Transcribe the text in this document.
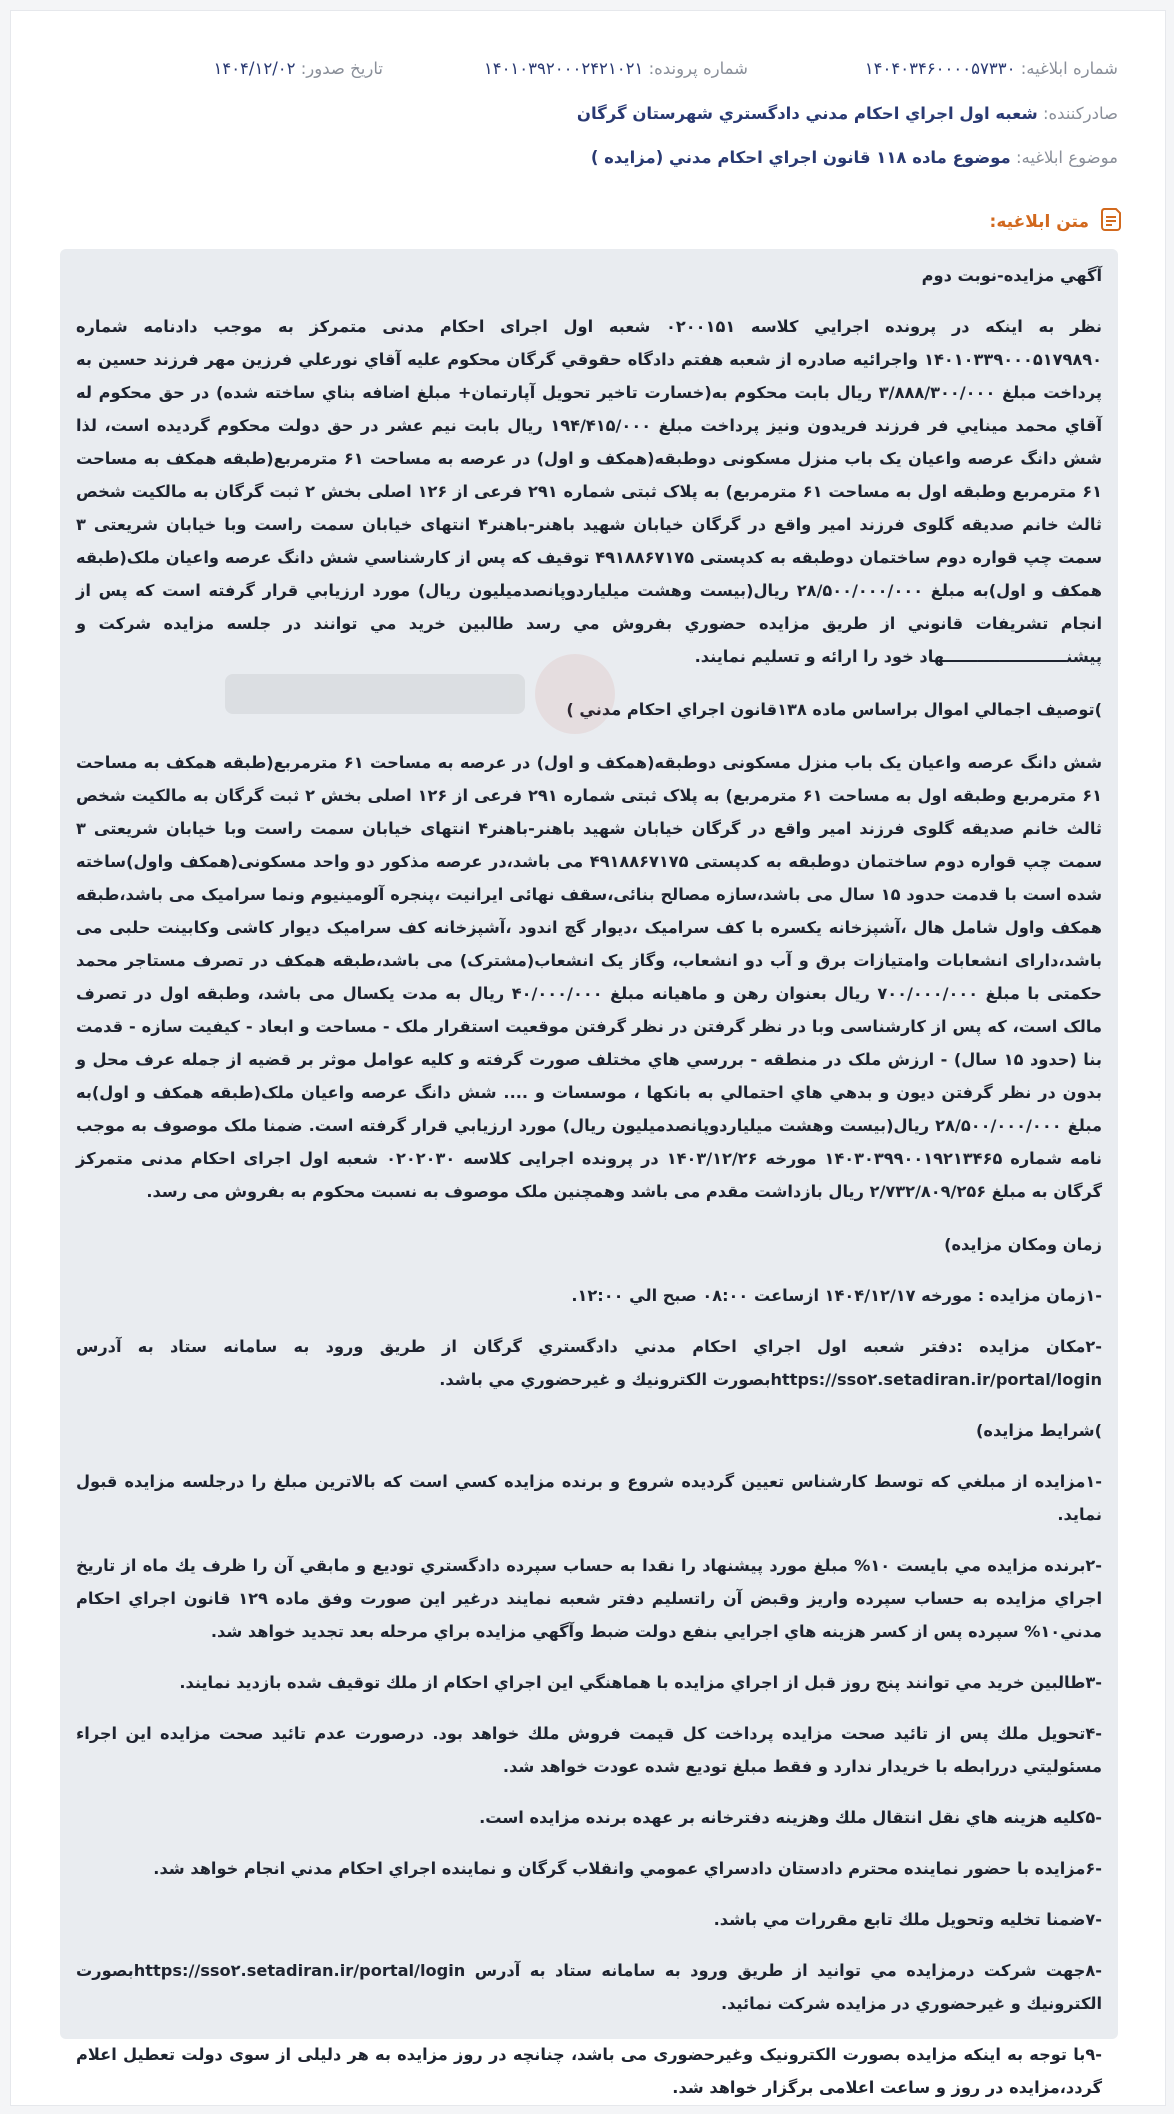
شماره ابلاغيه: ۱۴۰۴۰۳۴۶۰۰۰۰۵۷۳۳۰
شماره پرونده: ۱۴۰۱۰۳۹۲۰۰۰۲۴۲۱۰۲۱
تاريخ صدور: ۱۴۰۴/۱۲/۰۲
صادرکننده: شعبه اول اجراي احكام مدني دادگستري شهرستان گرگان
موضوع ابلاغيه: موضوع ماده ۱۱۸ قانون اجراي احكام مدني (مزايده )
متن ابلاغيه:

آگهي مزايده-نوبت دوم

نظر به اينکه در پرونده اجرايي كلاسه ۰۲۰۰۱۵۱ شعبه اول اجرای احکام مدنی متمرکز به موجب دادنامه شماره ۱۴۰۱۰۳۳۹۰۰۰۵۱۷۹۸۹۰ واجرائيه صادره از شعبه هفتم دادگاه حقوقي گرگان محکوم عليه آقاي نورعلي فرزين مهر فرزند حسين به پرداخت مبلغ ۳/۸۸۸/۳۰۰/۰۰۰ ريال بابت محکوم به(خسارت تاخير تحويل آپارتمان+ مبلغ اضافه بناي ساخته شده) در حق محکوم له آقاي محمد مينايي فر فرزند فريدون ونيز پرداخت مبلغ ۱۹۴/۴۱۵/۰۰۰ ريال بابت نيم عشر در حق دولت محکوم گرديده است، لذا شش دانگ عرصه واعيان یک باب منزل مسکونی دوطبقه(همکف و اول) در عرصه به مساحت ۶۱ مترمربع(طبقه همکف به مساحت ۶۱ مترمربع وطبقه اول به مساحت ۶۱ مترمربع) به پلاک ثبتی شماره ۲۹۱ فرعی از ۱۲۶ اصلی بخش ۲ ثبت گرگان به مالکیت شخص ثالث خانم صدیقه گلوی فرزند امیر واقع در گرگان خیابان شهید باهنر-باهنر۴ انتهای خیابان سمت راست وبا خیابان شریعتی ۳ سمت چپ قواره دوم ساختمان دوطبقه به کدپستی ۴۹۱۸۸۶۷۱۷۵ توقيف كه پس از كارشناسي شش دانگ عرصه واعیان ملک(طبقه همکف و اول)به مبلغ ۲۸/۵۰۰/۰۰۰/۰۰۰ ريال(بیست وهشت میلیاردوپانصدمیلیون ریال) مورد ارزيابي قرار گرفته است كه پس از انجام تشريفات قانوني از طريق مزايده حضوري بفروش مي رسد طالبين خريد مي توانند در جلسه مزايده شركت و پيشنــــــــــــــــــــــهاد خود را ارائه و تسليم نمايند.

)توصيف اجمالي اموال براساس ماده ۱۳۸قانون اجراي احکام مدني )

شش دانگ عرصه واعيان یک باب منزل مسکونی دوطبقه(همکف و اول) در عرصه به مساحت ۶۱ مترمربع(طبقه همکف به مساحت ۶۱ مترمربع وطبقه اول به مساحت ۶۱ مترمربع) به پلاک ثبتی شماره ۲۹۱ فرعی از ۱۲۶ اصلی بخش ۲ ثبت گرگان به مالکیت شخص ثالث خانم صدیقه گلوی فرزند امیر واقع در گرگان خیابان شهید باهنر-باهنر۴ انتهای خیابان سمت راست وبا خیابان شریعتی ۳ سمت چپ قواره دوم ساختمان دوطبقه به کدپستی ۴۹۱۸۸۶۷۱۷۵ می باشد،در عرصه مذکور دو واحد مسکونی(همکف واول)ساخته شده است با قدمت حدود ۱۵ سال می باشد،سازه مصالح بنائی،سقف نهائی ایرانیت ،پنجره آلومینیوم ونما سرامیک می باشد،طبقه همکف واول شامل هال ،آشپزخانه یکسره با کف سرامیک ،دیوار گچ اندود ،آشپزخانه کف سرامیک دیوار کاشی وکابینت حلبی می باشد،دارای انشعابات وامتیازات برق و آب دو انشعاب، وگاز یک انشعاب(مشترک) می باشد،طبقه همکف در تصرف مستاجر محمد حکمتی با مبلغ ۷۰۰/۰۰۰/۰۰۰ ریال بعنوان رهن و ماهیانه مبلغ ۴۰/۰۰۰/۰۰۰ ریال به مدت یکسال می باشد، وطبقه اول در تصرف مالک است، که پس از کارشناسی وبا در نظر گرفتن در نظر گرفتن موقعیت استقرار ملک - مساحت و ابعاد - کیفیت سازه - قدمت بنا (حدود ۱۵ سال) - ارزش ملک در منطقه - بررسي هاي مختلف صورت گرفته و كليه عوامل موثر بر قضيه از جمله عرف محل و بدون در نظر گرفتن ديون و بدهي هاي احتمالي به بانكها ، موسسات و .... شش دانگ عرصه واعیان ملک(طبقه همکف و اول)به مبلغ ۲۸/۵۰۰/۰۰۰/۰۰۰ ريال(بیست وهشت میلیاردوپانصدمیلیون ریال) مورد ارزيابي قرار گرفته است. ضمنا ملک موصوف به موجب نامه شماره ۱۴۰۳۰۳۹۹۰۰۱۹۲۱۳۴۶۵ مورخه ۱۴۰۳/۱۲/۲۶ در پرونده اجرایی کلاسه ۰۲۰۲۰۳۰ شعبه اول اجرای احکام مدنی متمرکز گرگان به مبلغ ۲/۷۳۲/۸۰۹/۲۵۶ ریال بازداشت مقدم می باشد وهمچنین ملک موصوف به نسبت محکوم به بفروش می رسد.

زمان ومكان مزايده)

-۱زمان مزايده : مورخه ۱۴۰۴/۱۲/۱۷ ازساعت ۰۸:۰۰ صبح الي ۱۲:۰۰.

-۲مكان مزايده :دفتر شعبه اول اجراي احكام مدني دادگستري گرگان از طريق ورود به سامانه ستاد به آدرس https://sso۲.setadiran.ir/portal/loginبصورت الكترونيك و غيرحضوري مي باشد.

)شرايط مزايده)

-۱مزايده از مبلغي كه توسط كارشناس تعيين گرديده شروع و برنده مزايده كسي است كه بالاترين مبلغ را درجلسه مزايده قبول نمايد.

-۲برنده مزايده مي بايست ۱۰% مبلغ مورد پيشنهاد را نقدا به حساب سپرده دادگستري توديع و مابقي آن را ظرف يك ماه از تاريخ اجراي مزايده به حساب سپرده واريز وقبض آن راتسليم دفتر شعبه نمايند درغير اين صورت وفق ماده ۱۲۹ قانون اجراي احكام مدني۱۰% سپرده پس از كسر هزينه هاي اجرايي بنفع دولت ضبط وآگهي مزايده براي مرحله بعد تجديد خواهد شد.

-۳طالبين خريد مي توانند پنج روز قبل از اجراي مزايده با هماهنگي اين اجراي احكام از ملك توقيف شده بازديد نمايند.

-۴تحويل ملك پس از تائيد صحت مزايده پرداخت كل قيمت فروش ملك خواهد بود. درصورت عدم تائيد صحت مزايده اين اجراء مسئولیتي دررابطه با خريدار ندارد و فقط مبلغ توديع شده عودت خواهد شد.

-۵كليه هزينه هاي نقل انتقال ملك وهزينه دفترخانه بر عهده برنده مزايده است.

-۶مزايده با حضور نماينده محترم دادستان دادسراي عمومي وانقلاب گرگان و نماينده اجراي احكام مدني انجام خواهد شد.

-۷ضمنا تخليه وتحويل ملك تابع مقررات مي باشد.

-۸جهت شركت درمزايده مي توانيد از طريق ورود به سامانه ستاد به آدرس https://sso۲.setadiran.ir/portal/loginبصورت الكترونيك و غيرحضوري در مزايده شركت نمائيد.

-۹با توجه به اینکه مزایده بصورت الکترونیک وغیرحضوری می باشد، چنانچه در روز مزایده به هر دلیلی از سوی دولت تعطیل اعلام گردد،مزایده در روز و ساعت اعلامی برگزار خواهد شد.
